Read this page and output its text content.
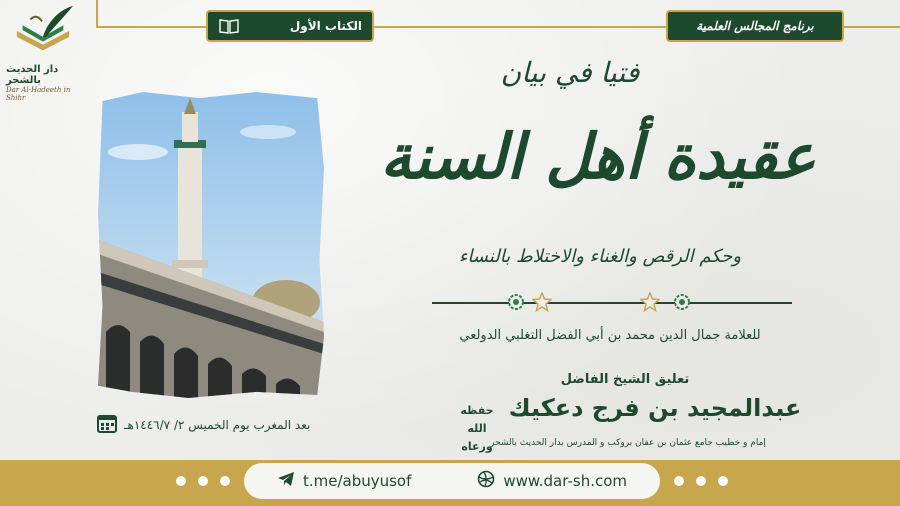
دار الحديث بالشحر
Dar Al-Hadeeth in Shihr
الكتاب الأول	برنامج المجالس العلمية
فتيا في بيان
عقيدة أهل السنة
وحكم الرقص والغناء والاختلاط بالنساء
للعلامة جمال الدين محمد بن أبي الفضل التغلبي الدولعي
تعليق الشيخ الفاضل
عبدالمجيد بن فرج دعكيك
حفظه الله
ورعاه
إمام و خطيب جامع عثمان بن عفان بروكب و المدرس بدار الحديث بالشحر
بعد المغرب يوم الخميس ٢/ ١٤٤٦/٧هـ
t.me/abuyusof	www.dar-sh.com
